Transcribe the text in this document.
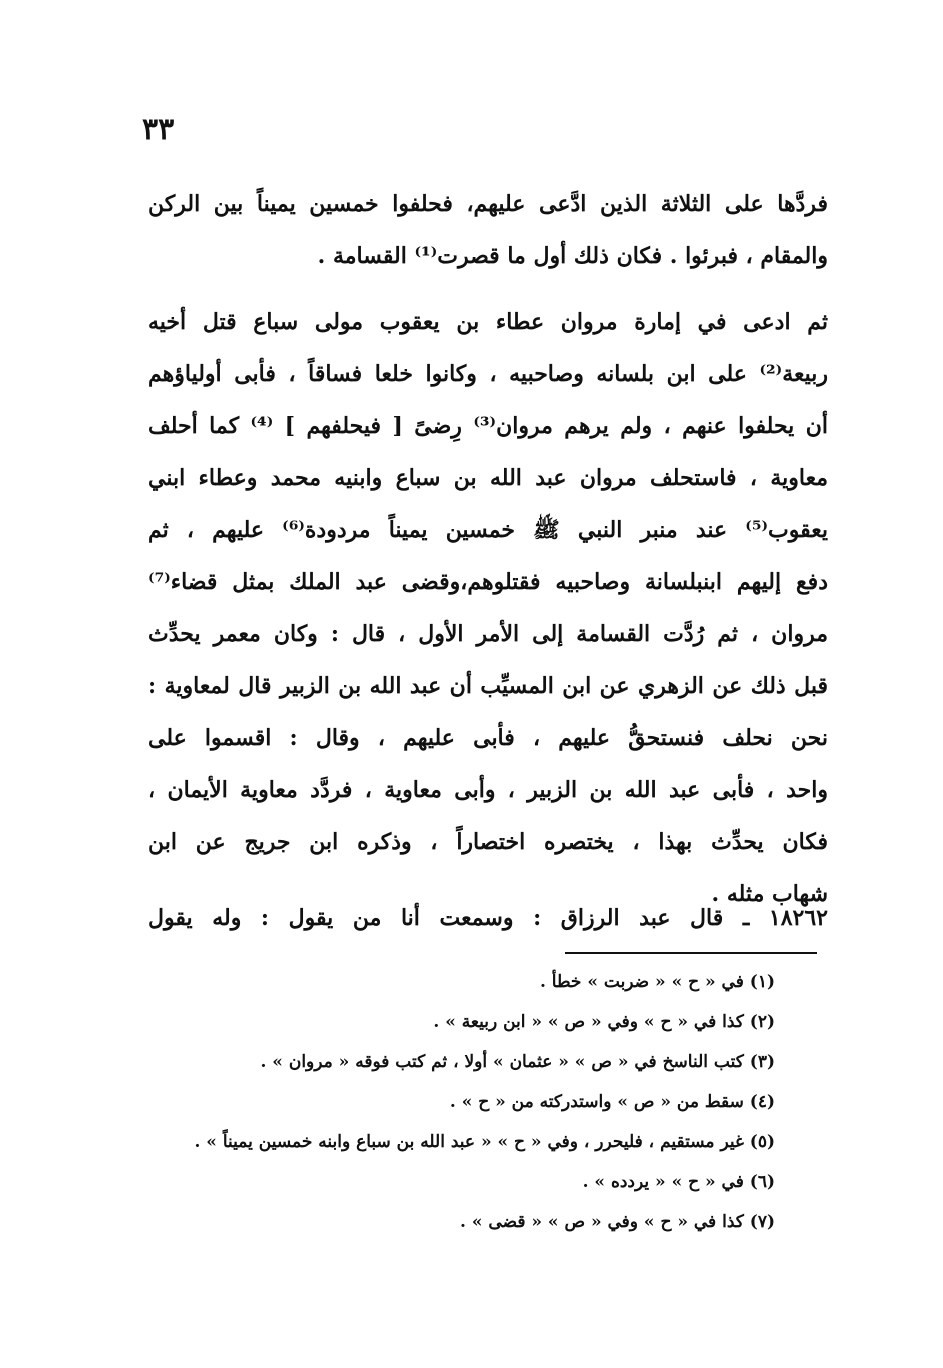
٣٣
فردَّها على الثلاثة الذين ادَّعى عليهم، فحلفوا خمسين يميناً بين الركن
والمقام ، فبرئوا . فكان ذلك أول ما قصرت⁽¹⁾ القسامة .
ثم ادعى في إمارة مروان عطاء بن يعقوب مولى سباع قتل أخيه
ربيعة⁽²⁾ على ابن بلسانه وصاحبيه ، وكانوا خلعا فساقاً ، فأبى أولياؤهم
أن يحلفوا عنهم ، ولم يرهم مروان⁽³⁾ رِضىً [ فيحلفهم ] ⁽⁴⁾ كما أحلف
معاوية ، فاستحلف مروان عبد الله بن سباع وابنيه محمد وعطاء ابني
يعقوب⁽⁵⁾ عند منبر النبي ﷺ خمسين يميناً مردودة⁽⁶⁾ عليهم ، ثم
دفع إليهم ابنبلسانة وصاحبيه فقتلوهم،وقضى عبد الملك بمثل قضاء⁽⁷⁾
مروان ، ثم رُدَّت القسامة إلى الأمر الأول ، قال : وكان معمر يحدِّث
قبل ذلك عن الزهري عن ابن المسيِّب أن عبد الله بن الزبير قال لمعاوية :
نحن نحلف فنستحقُّ عليهم ، فأبى عليهم ، وقال : اقسموا على
واحد ، فأبى عبد الله بن الزبير ، وأبى معاوية ، فردَّد معاوية الأيمان ،
فكان يحدِّث بهذا ، يختصره اختصاراً ، وذكره ابن جريج عن ابن
شهاب مثله .
١٨٢٦٢ ـ قال عبد الرزاق : وسمعت أنا من يقول : وله يقول
(١) في « ح » « ضربت » خطأ .
(٢) كذا في « ح » وفي « ص » « ابن ربيعة » .
(٣) كتب الناسخ في « ص » « عثمان » أولا ، ثم كتب فوقه « مروان » .
(٤) سقط من « ص » واستدركته من « ح » .
(٥) غير مستقيم ، فليحرر ، وفي « ح » « عبد الله بن سباع وابنه خمسين يميناً » .
(٦) في « ح » « يردده » .
(٧) كذا في « ح » وفي « ص » « قضى » .
